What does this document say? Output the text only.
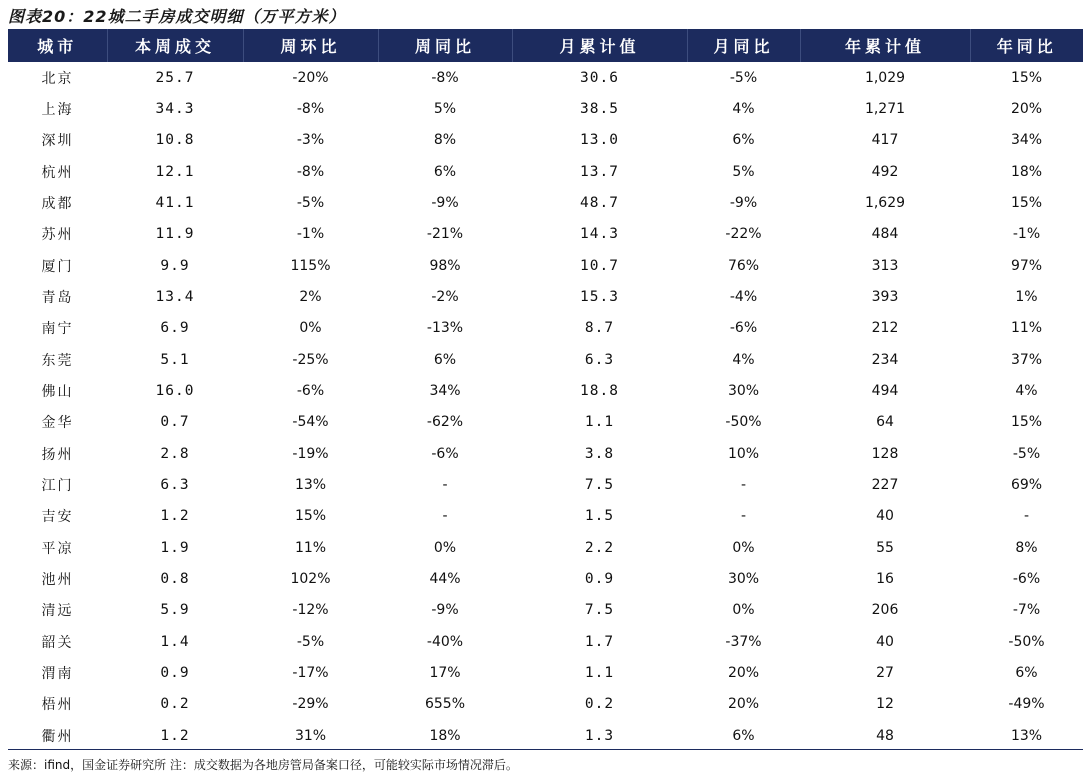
图表20：22城二手房成交明细（万平方米）
城市	本周成交	周环比	周同比	月累计值	月同比	年累计值	年同比
北京	25.7	-20%	-8%	30.6	-5%	1,029	15%
上海	34.3	-8%	5%	38.5	4%	1,271	20%
深圳	10.8	-3%	8%	13.0	6%	417	34%
杭州	12.1	-8%	6%	13.7	5%	492	18%
成都	41.1	-5%	-9%	48.7	-9%	1,629	15%
苏州	11.9	-1%	-21%	14.3	-22%	484	-1%
厦门	9.9	115%	98%	10.7	76%	313	97%
青岛	13.4	2%	-2%	15.3	-4%	393	1%
南宁	6.9	0%	-13%	8.7	-6%	212	11%
东莞	5.1	-25%	6%	6.3	4%	234	37%
佛山	16.0	-6%	34%	18.8	30%	494	4%
金华	0.7	-54%	-62%	1.1	-50%	64	15%
扬州	2.8	-19%	-6%	3.8	10%	128	-5%
江门	6.3	13%	-	7.5	-	227	69%
吉安	1.2	15%	-	1.5	-	40	-
平凉	1.9	11%	0%	2.2	0%	55	8%
池州	0.8	102%	44%	0.9	30%	16	-6%
清远	5.9	-12%	-9%	7.5	0%	206	-7%
韶关	1.4	-5%	-40%	1.7	-37%	40	-50%
渭南	0.9	-17%	17%	1.1	20%	27	6%
梧州	0.2	-29%	655%	0.2	20%	12	-49%
衢州	1.2	31%	18%	1.3	6%	48	13%
来源：ifind，国金证券研究所 注：成交数据为各地房管局备案口径，可能较实际市场情况滞后。
